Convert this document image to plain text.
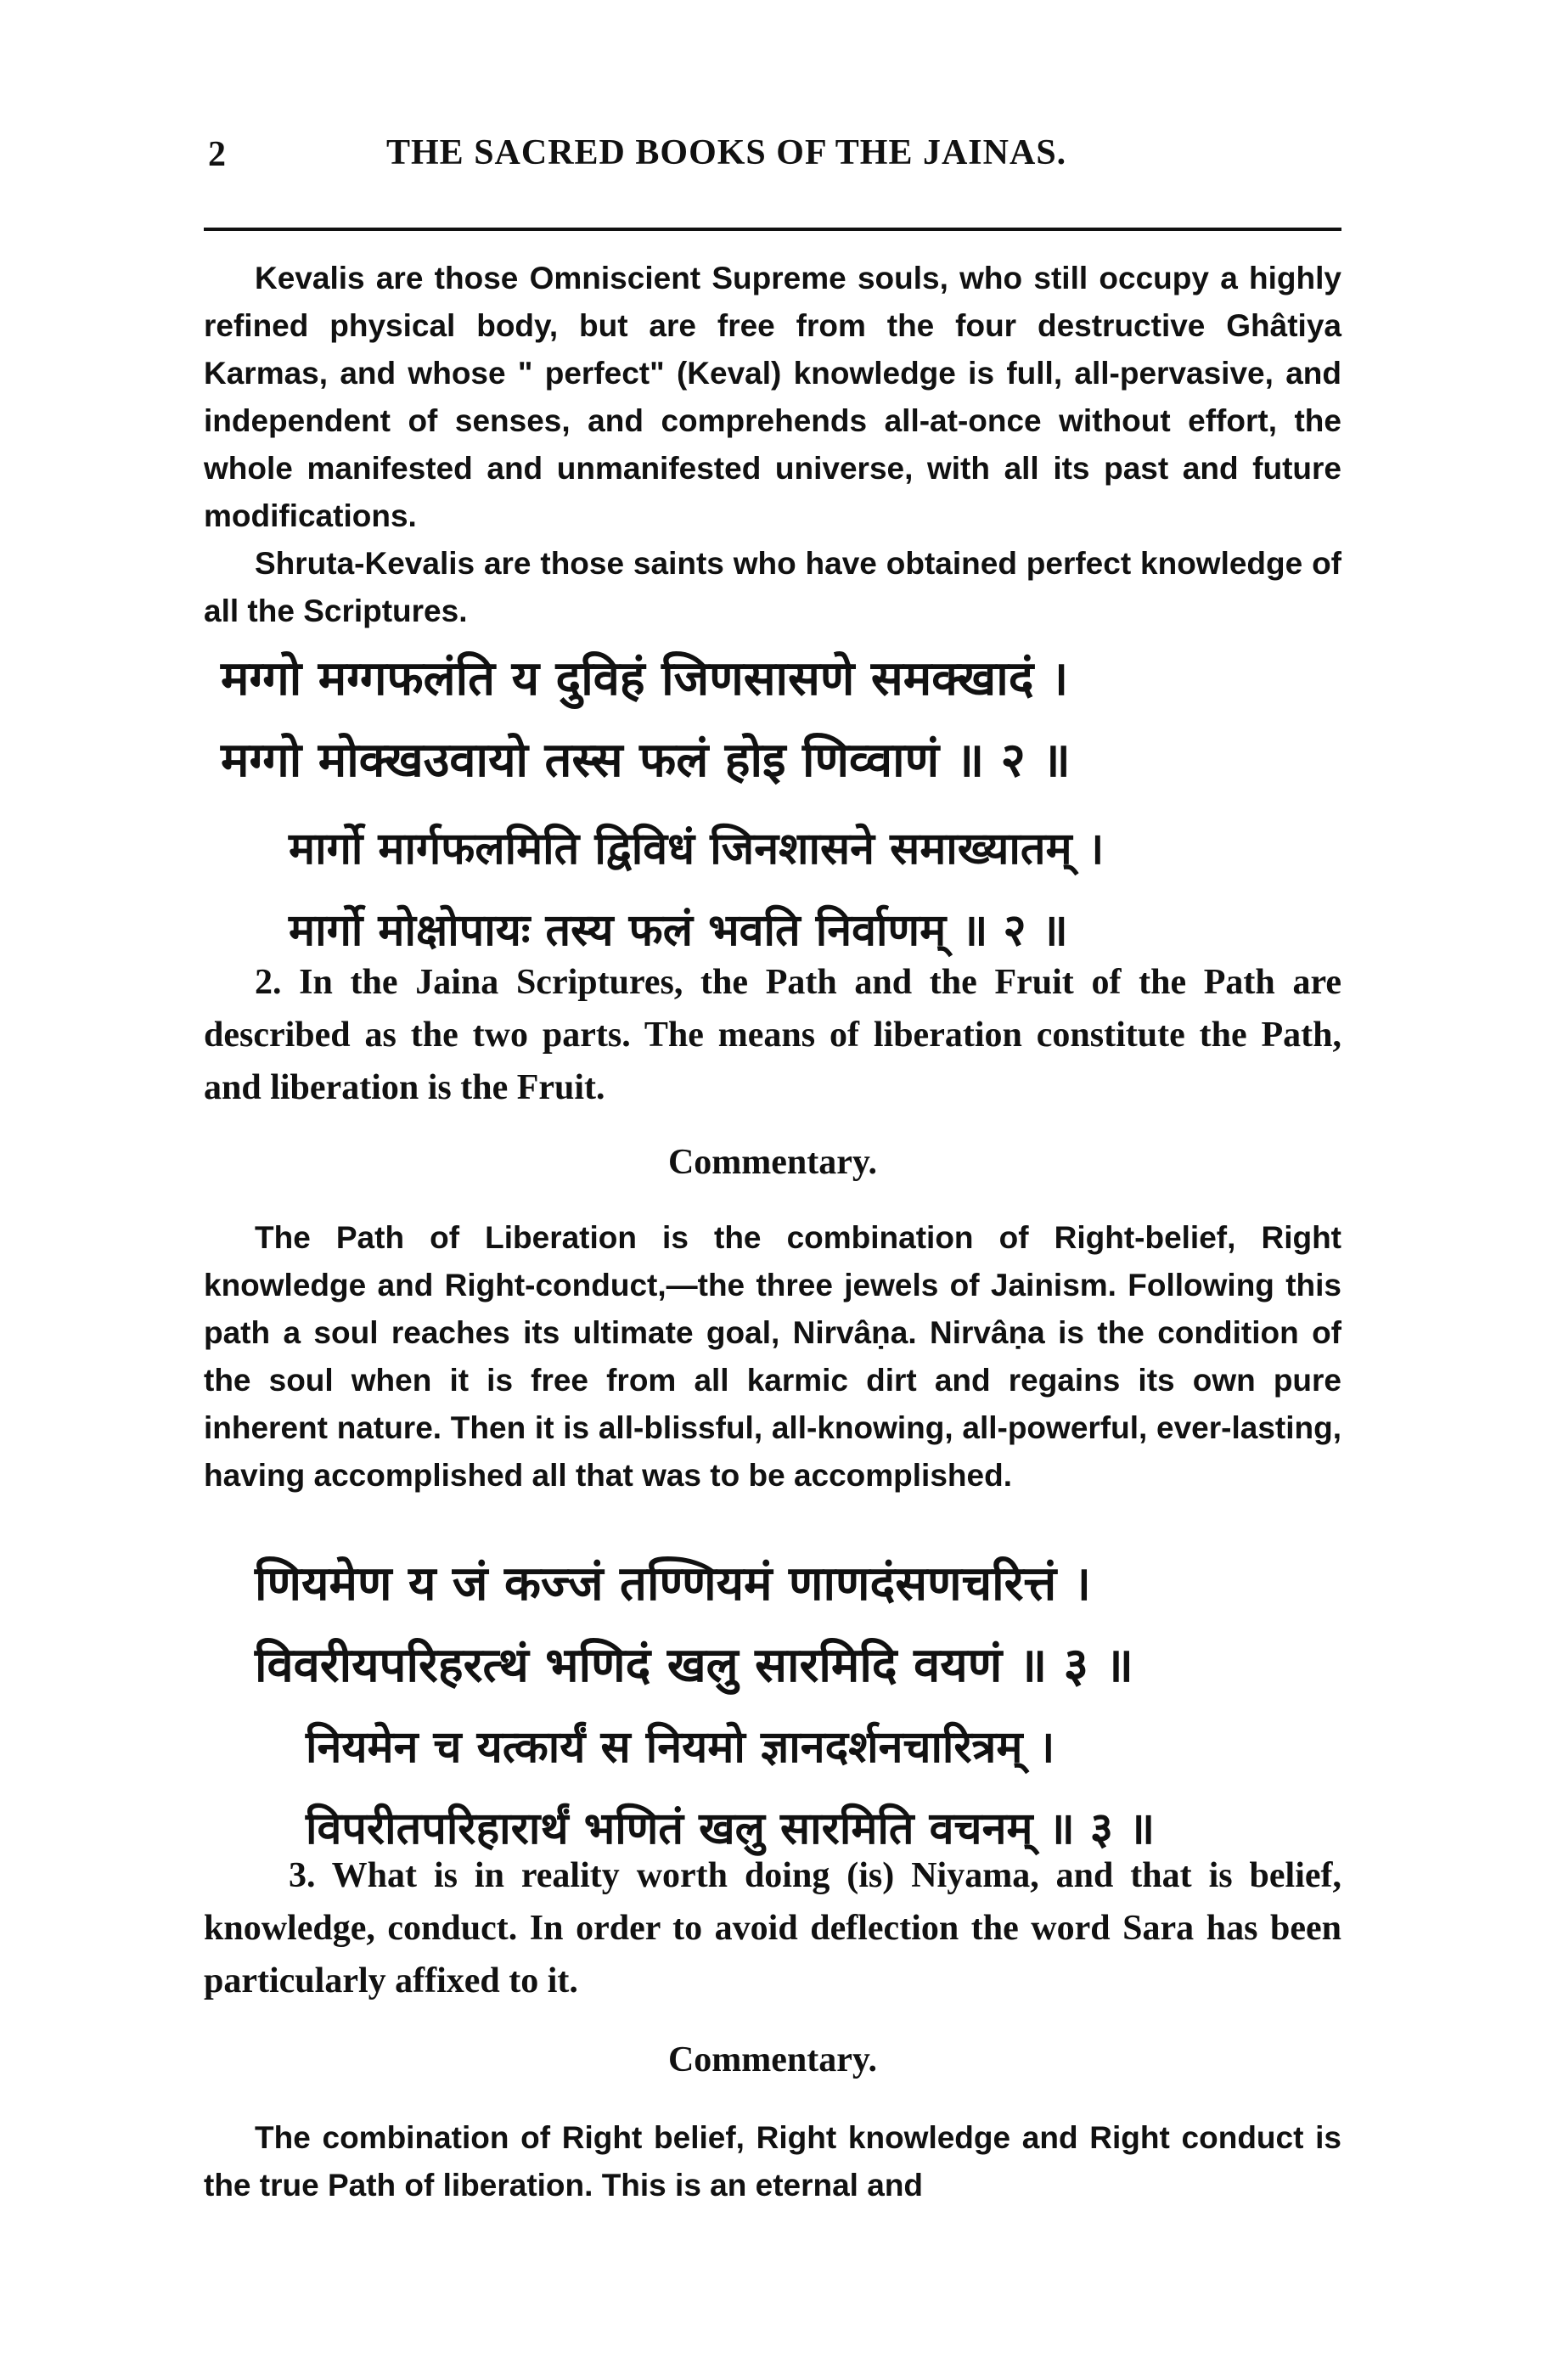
2	THE SACRED BOOKS OF THE JAINAS.

Kevalis are those Omniscient Supreme souls, who still occupy a highly refined physical body, but are free from the four destructive Ghâtiya Karmas, and whose " perfect" (Keval) knowledge is full, all-pervasive, and independent of senses, and comprehends all-at-once without effort, the whole manifested and unmanifested universe, with all its past and future modifications.

Shruta-Kevalis are those saints who have obtained perfect knowledge of all the Scriptures.

मग्गो मग्गफलंति य दुविहं जिणसासणे समक्खादं ।
मग्गो मोक्खउवायो तस्स फलं होइ णिव्वाणं ॥ २ ॥
मार्गो मार्गफलमिति द्विविधं जिनशासने समाख्यातम् ।
मार्गो मोक्षोपायः तस्य फलं भवति निर्वाणम् ॥ २ ॥

2. In the Jaina Scriptures, the Path and the Fruit of the Path are described as the two parts. The means of liberation constitute the Path, and liberation is the Fruit.

Commentary.

The Path of Liberation is the combination of Right-belief, Right knowledge and Right-conduct,—the three jewels of Jainism. Following this path a soul reaches its ultimate goal, Nirvâṇa. Nirvâṇa is the condition of the soul when it is free from all karmic dirt and regains its own pure inherent nature. Then it is all-blissful, all-knowing, all-powerful, ever-lasting, having accomplished all that was to be accomplished.

णियमेण य जं कज्जं तण्णियमं णाणदंसणचरित्तं ।
विवरीयपरिहरत्थं भणिदं खलु सारमिदि वयणं ॥ ३ ॥
नियमेन च यत्कार्यं स नियमो ज्ञानदर्शनचारित्रम् ।
विपरीतपरिहारार्थं भणितं खलु सारमिति वचनम् ॥ ३ ॥

3. What is in reality worth doing (is) Niyama, and that is belief, knowledge, conduct. In order to avoid deflection the word Sara has been particularly affixed to it.

Commentary.

The combination of Right belief, Right knowledge and Right conduct is the true Path of liberation. This is an eternal and
